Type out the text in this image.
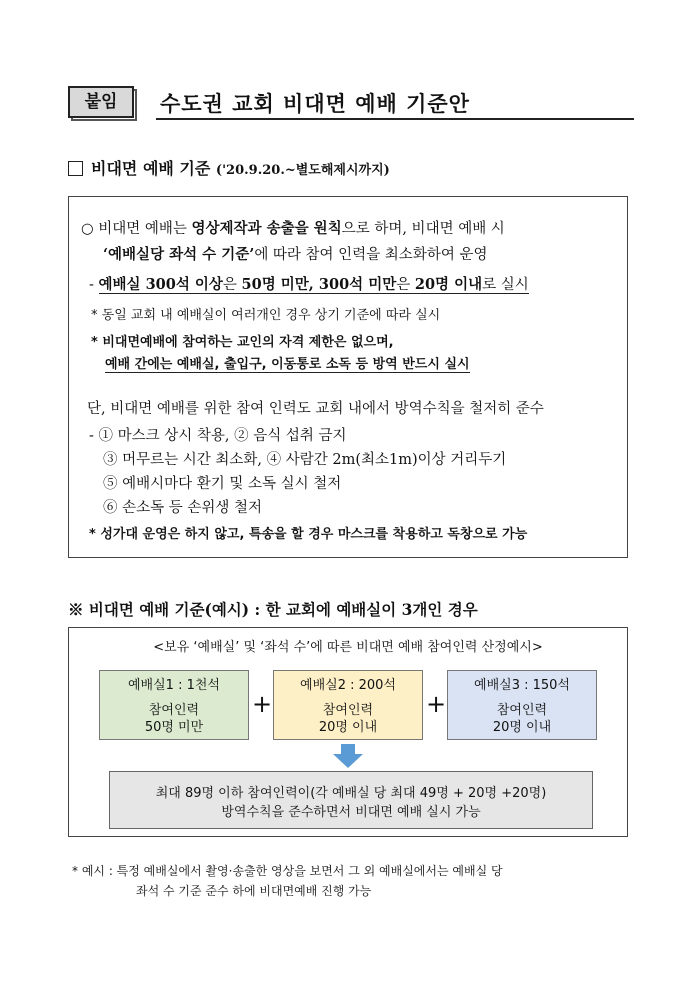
붙임	수도권 교회 비대면 예배 기준안
비대면 예배 기준 ('20.9.20.~별도해제시까지)
○ 비대면 예배는 영상제작과 송출을 원칙으로 하며, 비대면 예배 시
‘예배실당 좌석 수 기준’에 따라 참여 인력을 최소화하여 운영
- 예배실 300석 이상은 50명 미만, 300석 미만은 20명 이내로 실시
* 동일 교회 내 예배실이 여러개인 경우 상기 기준에 따라 실시
* 비대면예배에 참여하는 교인의 자격 제한은 없으며,
예배 간에는 예배실, 출입구, 이동통로 소독 등 방역 반드시 실시
단, 비대면 예배를 위한 참여 인력도 교회 내에서 방역수칙을 철저히 준수
- ① 마스크 상시 착용, ② 음식 섭취 금지
③ 머무르는 시간 최소화, ④ 사람간 2m(최소1m)이상 거리두기
⑤ 예배시마다 환기 및 소독 실시 철저
⑥ 손소독 등 손위생 철저
* 성가대 운영은 하지 않고, 특송을 할 경우 마스크를 착용하고 독창으로 가능
※ 비대면 예배 기준(예시) : 한 교회에 예배실이 3개인 경우
<보유 ‘예배실’ 및 ‘좌석 수’에 따른 비대면 예배 참여인력 산정예시>
예배실1 : 1천석
참여인력
50명 미만
+
예배실2 : 200석
참여인력
20명 이내
+
예배실3 : 150석
참여인력
20명 이내
최대 89명 이하 참여인력이(각 예배실 당 최대 49명 + 20명 +20명)
방역수칙을 준수하면서 비대면 예배 실시 가능
* 예시 : 특정 예배실에서 촬영·송출한 영상을 보면서 그 외 예배실에서는 예배실 당
좌석 수 기준 준수 하에 비대면예배 진행 가능
